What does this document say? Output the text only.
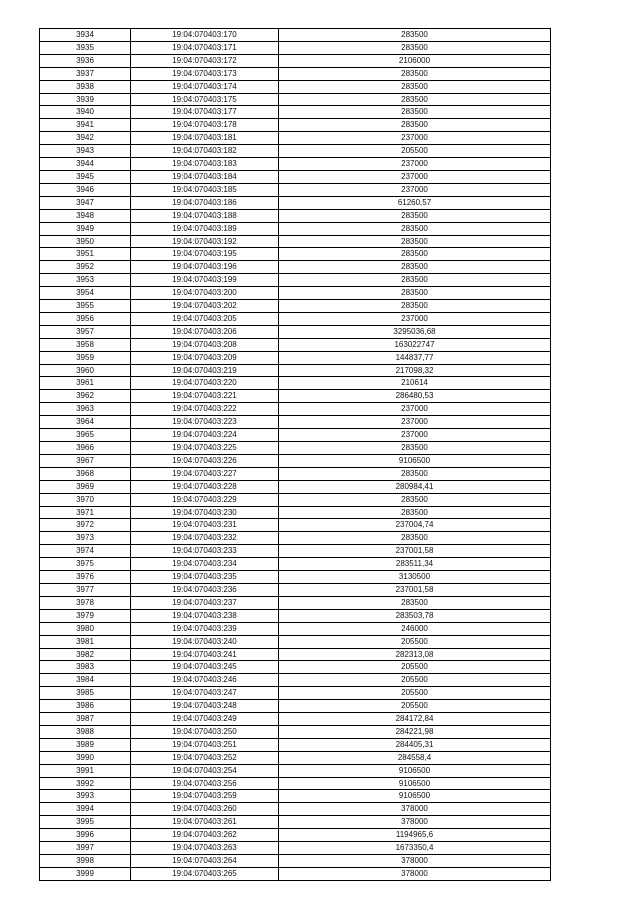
3934	19:04:070403:170	283500
3935	19:04:070403:171	283500
3936	19:04:070403:172	2106000
3937	19:04:070403:173	283500
3938	19:04:070403:174	283500
3939	19:04:070403:175	283500
3940	19:04:070403:177	283500
3941	19:04:070403:178	283500
3942	19:04:070403:181	237000
3943	19:04:070403:182	205500
3944	19:04:070403:183	237000
3945	19:04:070403:184	237000
3946	19:04:070403:185	237000
3947	19:04:070403:186	61260,57
3948	19:04:070403:188	283500
3949	19:04:070403:189	283500
3950	19:04:070403:192	283500
3951	19:04:070403:195	283500
3952	19:04:070403:196	283500
3953	19:04:070403:199	283500
3954	19:04:070403:200	283500
3955	19:04:070403:202	283500
3956	19:04:070403:205	237000
3957	19:04:070403:206	3295036,68
3958	19:04:070403:208	163022747
3959	19:04:070403:209	144837,77
3960	19:04:070403:219	217098,32
3961	19:04:070403:220	210614
3962	19:04:070403:221	286480,53
3963	19:04:070403:222	237000
3964	19:04:070403:223	237000
3965	19:04:070403:224	237000
3966	19:04:070403:225	283500
3967	19:04:070403:226	9106500
3968	19:04:070403:227	283500
3969	19:04:070403:228	280984,41
3970	19:04:070403:229	283500
3971	19:04:070403:230	283500
3972	19:04:070403:231	237004,74
3973	19:04:070403:232	283500
3974	19:04:070403:233	237001,58
3975	19:04:070403:234	283511,34
3976	19:04:070403:235	3130500
3977	19:04:070403:236	237001,58
3978	19:04:070403:237	283500
3979	19:04:070403:238	283503,78
3980	19:04:070403:239	246000
3981	19:04:070403:240	205500
3982	19:04:070403:241	282313,08
3983	19:04:070403:245	205500
3984	19:04:070403:246	205500
3985	19:04:070403:247	205500
3986	19:04:070403:248	205500
3987	19:04:070403:249	284172,84
3988	19:04:070403:250	284221,98
3989	19:04:070403:251	284405,31
3990	19:04:070403:252	284558,4
3991	19:04:070403:254	9106500
3992	19:04:070403:256	9106500
3993	19:04:070403:259	9106500
3994	19:04:070403:260	378000
3995	19:04:070403:261	378000
3996	19:04:070403:262	1194965,6
3997	19:04:070403:263	1673350,4
3998	19:04:070403:264	378000
3999	19:04:070403:265	378000
